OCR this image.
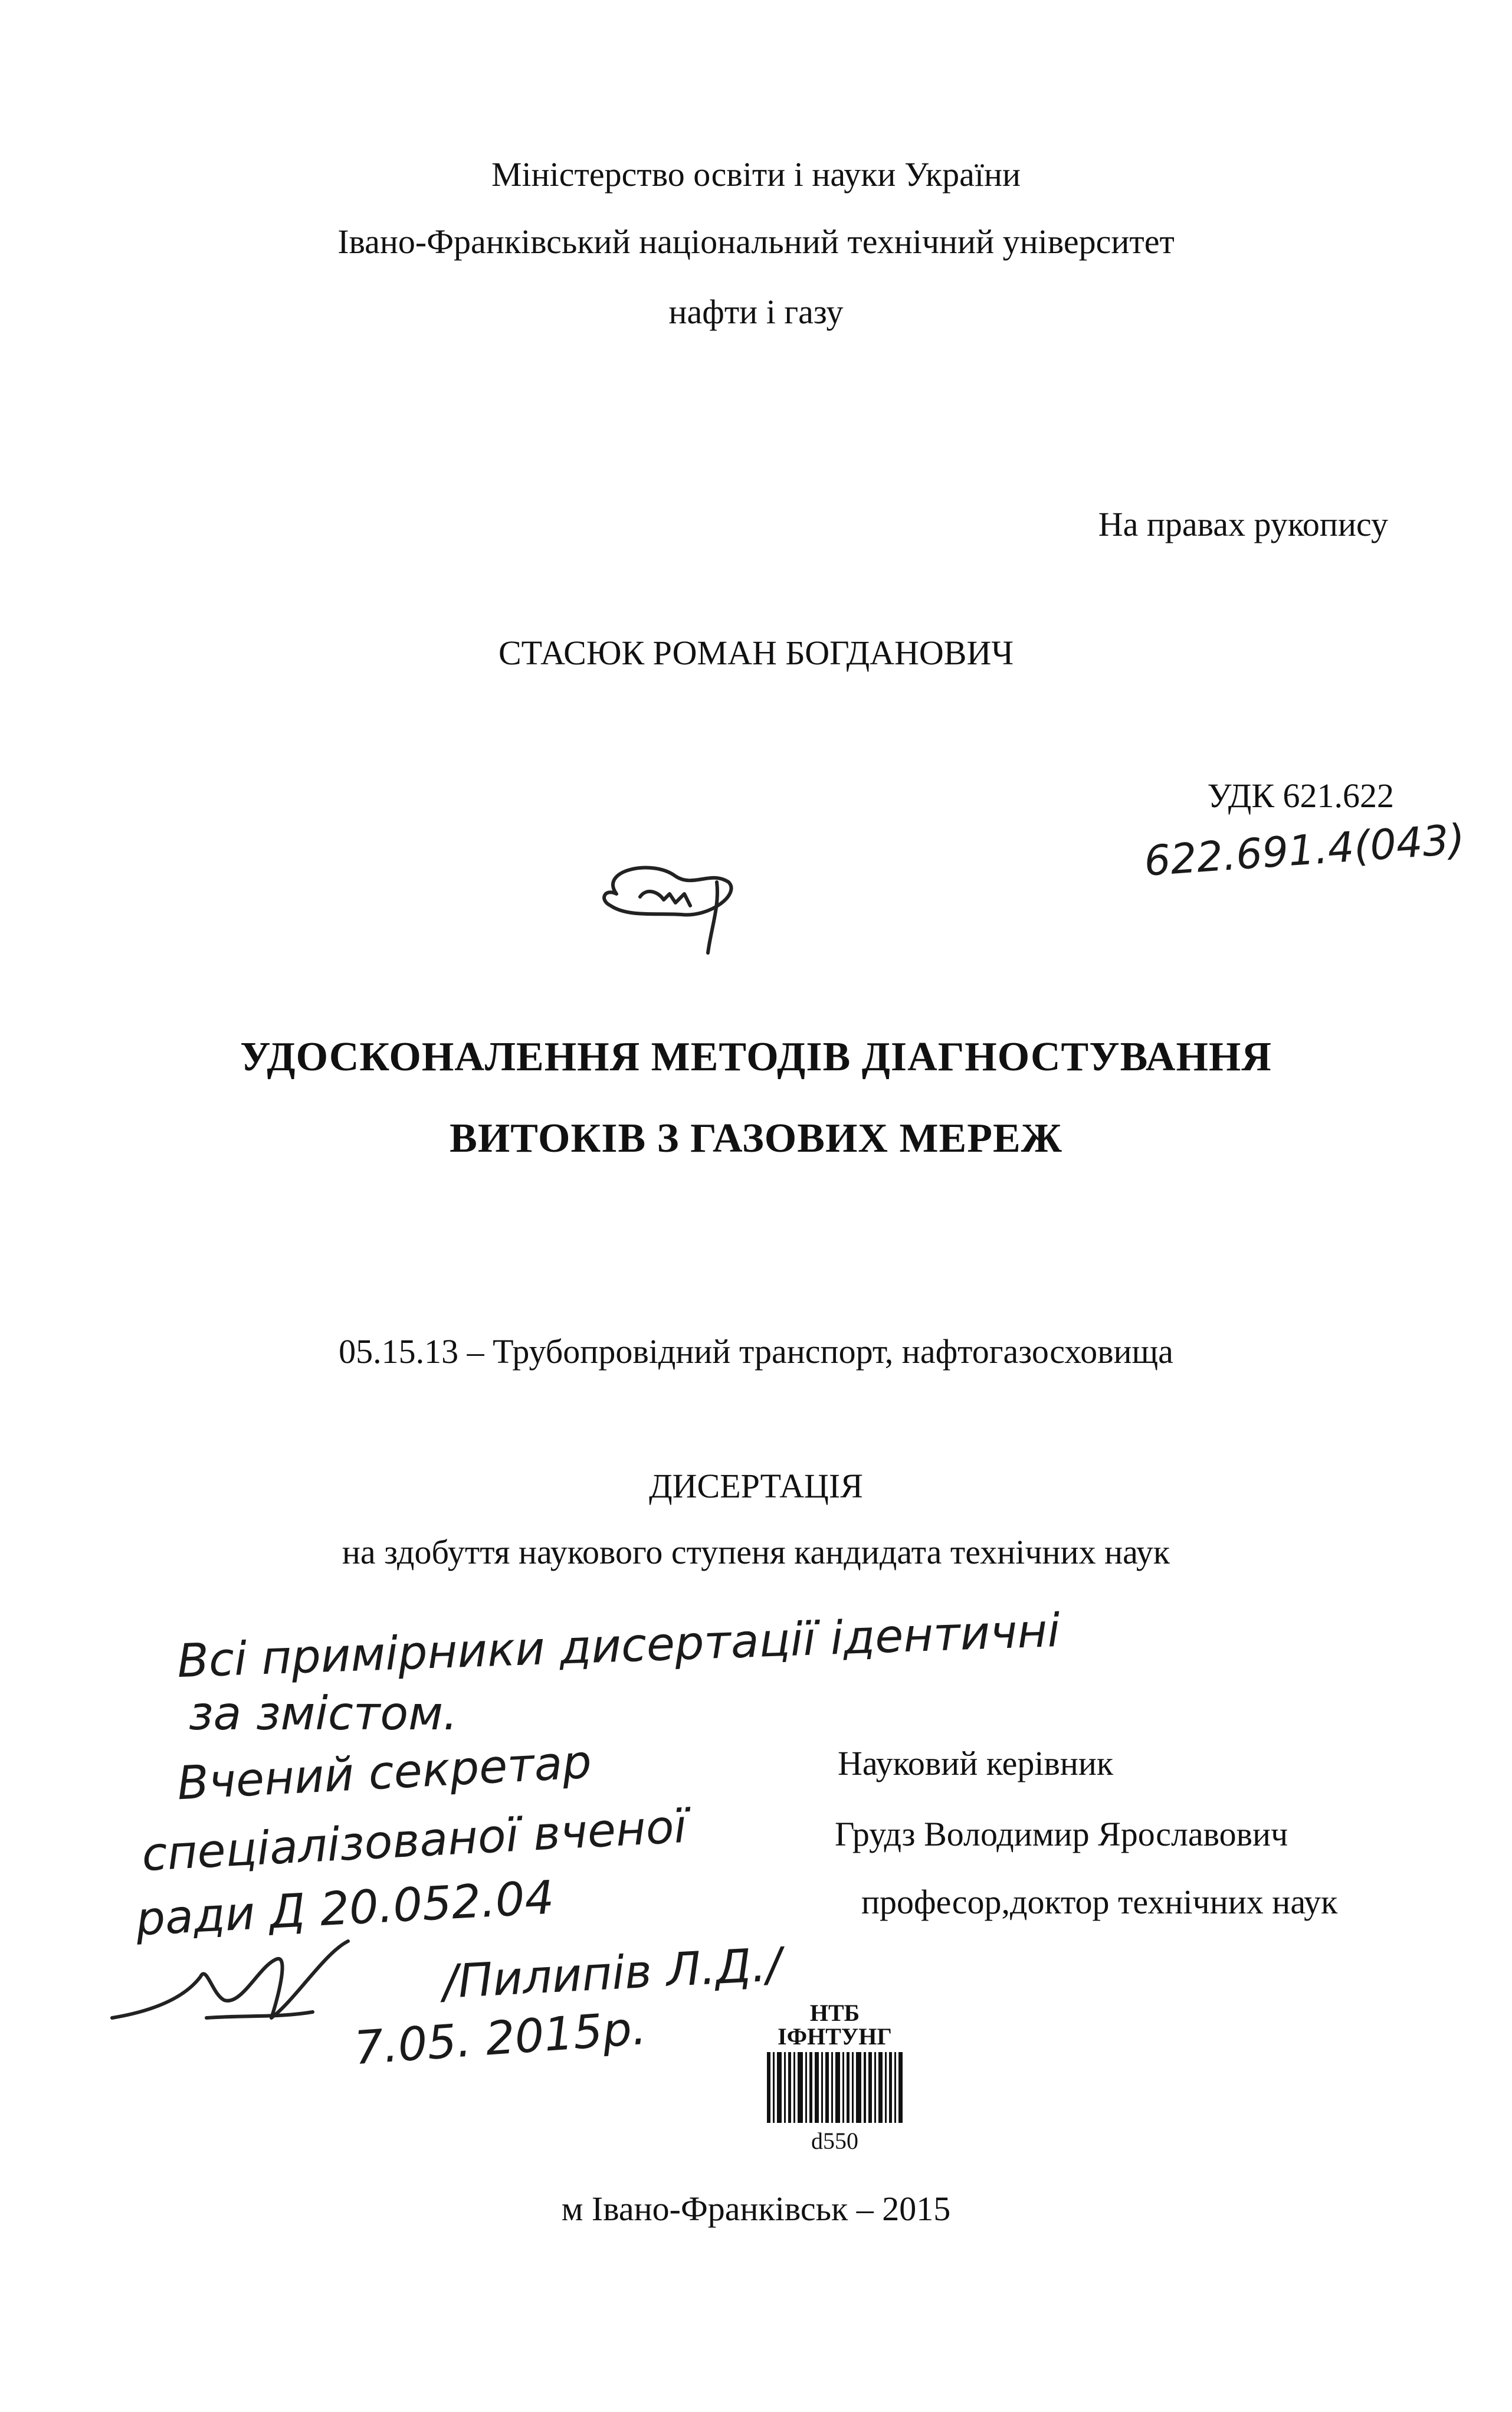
Міністерство освіти і науки України
Івано-Франківський національний технічний університет
нафти і газу
На правах рукопису
СТАСЮК РОМАН БОГДАНОВИЧ
УДК 621.622
622.691.4(043)
УДОСКОНАЛЕННЯ МЕТОДІВ ДІАГНОСТУВАННЯ
ВИТОКІВ З ГАЗОВИХ МЕРЕЖ
05.15.13 – Трубопровідний транспорт, нафтогазосховища
ДИСЕРТАЦІЯ
на здобуття наукового ступеня кандидата технічних наук
Всі примірники дисертації ідентичні
за змістом.
Вчений секретар
спеціалізованої вченої
ради Д 20.052.04
/Пилипів Л.Д./
7.05. 2015р.
Науковий керівник
Грудз Володимир Ярославович
професор,доктор технічних наук
НТБ
ІФНТУНГ
d550
м Івано-Франківськ – 2015
